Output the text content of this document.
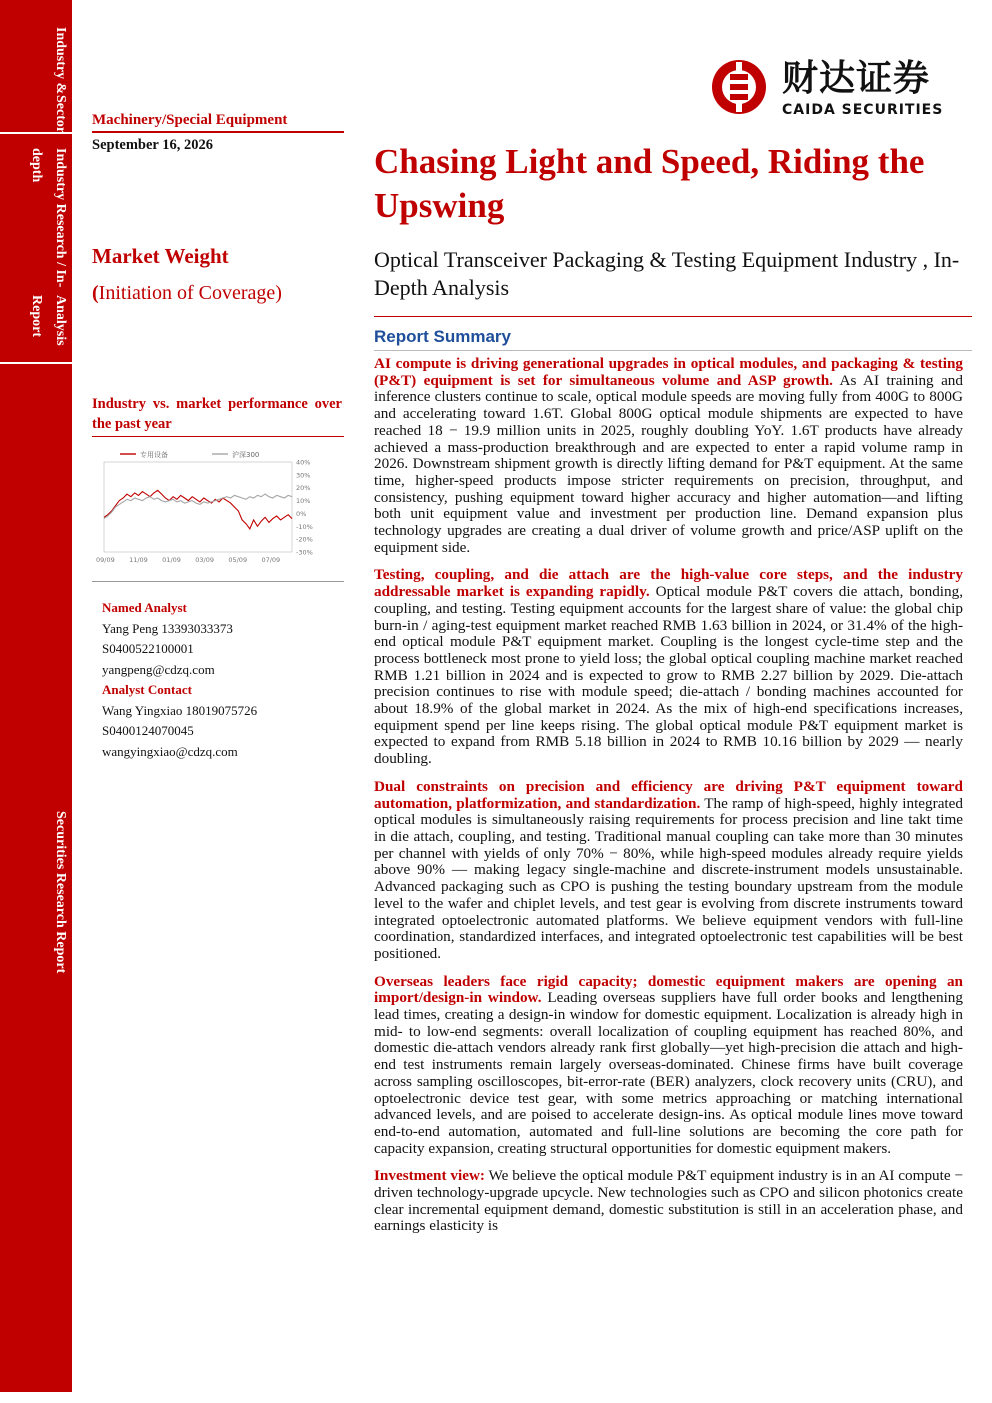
Industry &
Sector
Industry Research / In-depth
Analysis Report
Securities Research Report
财达证券
CAIDA SECURITIES
Machinery/Special Equipment
September 16, 2026
Market Weight
(Initiation of Coverage)
Industry vs. market performance over the past year
专用设备	沪深300
40%
30%
20%
10%
0%
-10%
-20%
-30%
09/09 11/09 01/09 03/09 05/09 07/09
Named Analyst
Yang Peng 13393033373
S0400522100001
yangpeng@cdzq.com
Analyst Contact
Wang Yingxiao 18019075726
S0400124070045
wangyingxiao@cdzq.com
Chasing Light and Speed, Riding the Upswing
Optical Transceiver Packaging & Testing Equipment Industry , In-Depth Analysis
Report Summary

AI compute is driving generational upgrades in optical modules, and packaging & testing (P&T) equipment is set for simultaneous volume and ASP growth. As AI training and inference clusters continue to scale, optical module speeds are moving fully from 400G to 800G and accelerating toward 1.6T. Global 800G optical module shipments are expected to have reached 18 − 19.9 million units in 2025, roughly doubling YoY. 1.6T products have already achieved a mass-production breakthrough and are expected to enter a rapid volume ramp in 2026. Downstream shipment growth is directly lifting demand for P&T equipment. At the same time, higher-speed products impose stricter requirements on precision, throughput, and consistency, pushing equipment toward higher accuracy and higher automation—and lifting both unit equipment value and investment per production line. Demand expansion plus technology upgrades are creating a dual driver of volume growth and price/ASP uplift on the equipment side.

Testing, coupling, and die attach are the high-value core steps, and the industry addressable market is expanding rapidly. Optical module P&T covers die attach, bonding, coupling, and testing. Testing equipment accounts for the largest share of value: the global chip burn-in / aging-test equipment market reached RMB 1.63 billion in 2024, or 31.4% of the high-end optical module P&T equipment market. Coupling is the longest cycle-time step and the process bottleneck most prone to yield loss; the global optical coupling machine market reached RMB 1.21 billion in 2024 and is expected to grow to RMB 2.27 billion by 2029. Die-attach precision continues to rise with module speed; die-attach / bonding machines accounted for about 18.9% of the global market in 2024. As the mix of high-end specifications increases, equipment spend per line keeps rising. The global optical module P&T equipment market is expected to expand from RMB 5.18 billion in 2024 to RMB 10.16 billion by 2029 — nearly doubling.

Dual constraints on precision and efficiency are driving P&T equipment toward automation, platformization, and standardization. The ramp of high-speed, highly integrated optical modules is simultaneously raising requirements for process precision and line takt time in die attach, coupling, and testing. Traditional manual coupling can take more than 30 minutes per channel with yields of only 70% − 80%, while high-speed modules already require yields above 90% — making legacy single-machine and discrete-instrument models unsustainable. Advanced packaging such as CPO is pushing the testing boundary upstream from the module level to the wafer and chiplet levels, and test gear is evolving from discrete instruments toward integrated optoelectronic automated platforms. We believe equipment vendors with full-line coordination, standardized interfaces, and integrated optoelectronic test capabilities will be best positioned.

Overseas leaders face rigid capacity; domestic equipment makers are opening an import/design-in window. Leading overseas suppliers have full order books and lengthening lead times, creating a design-in window for domestic equipment. Localization is already high in mid- to low-end segments: overall localization of coupling equipment has reached 80%, and domestic die-attach vendors already rank first globally—yet high-precision die attach and high-end test instruments remain largely overseas-dominated. Chinese firms have built coverage across sampling oscilloscopes, bit-error-rate (BER) analyzers, clock recovery units (CRU), and optoelectronic device test gear, with some metrics approaching or matching international advanced levels, and are poised to accelerate design-ins. As optical module lines move toward end-to-end automation, automated and full-line solutions are becoming the core path for capacity expansion, creating structural opportunities for domestic equipment makers.

Investment view: We believe the optical module P&T equipment industry is in an AI compute − driven technology-upgrade upcycle. New technologies such as CPO and silicon photonics create clear incremental equipment demand, domestic substitution is still in an acceleration phase, and earnings elasticity is
